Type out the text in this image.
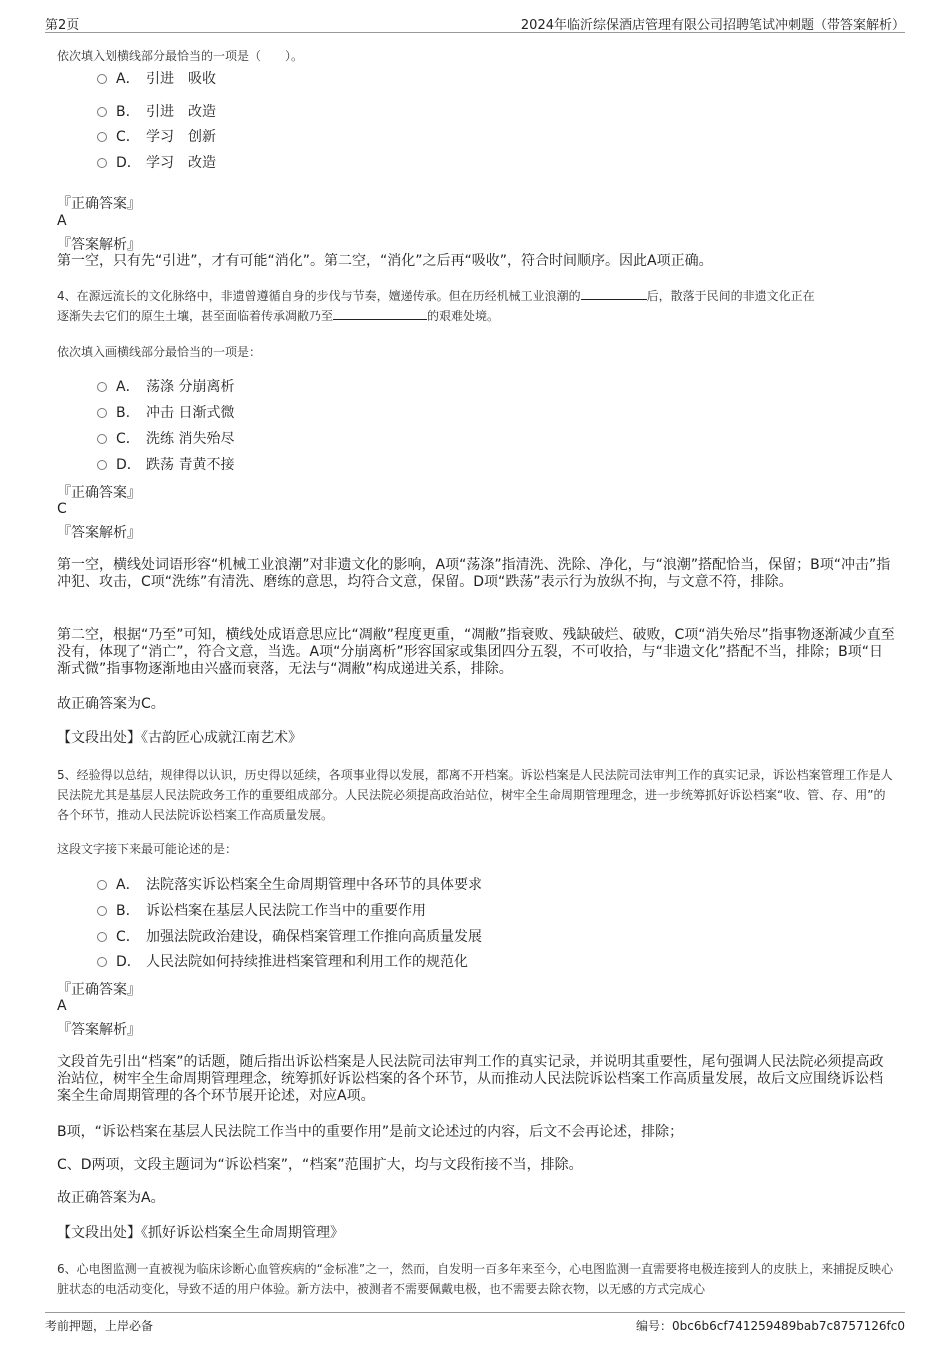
第2页	2024年临沂综保酒店管理有限公司招聘笔试冲刺题（带答案解析）
依次填入划横线部分最恰当的一项是（　　）。
A． 引进　吸收
B. 引进　改造
C． 学习　创新
D． 学习　改造
『正确答案』
A
『答案解析』
第一空，只有先“引进”，才有可能“消化”。第二空，“消化”之后再“吸收”，符合时间顺序。因此A项正确。
4、在源远流长的文化脉络中，非遗曾遵循自身的步伐与节奏，嬗递传承。但在历经机械工业浪潮的	后，散落于民间的非遗文化正在
逐渐失去它们的原生土壤，甚至面临着传承凋敝乃至	的艰难处境。
依次填入画横线部分最恰当的一项是：
A． 荡涤 分崩离析
B. 冲击 日渐式微
C． 洗练 消失殆尽
D． 跌荡 青黄不接
『正确答案』
C
『答案解析』
第一空，横线处词语形容“机械工业浪潮”对非遗文化的影响，A项“荡涤”指清洗、洗除、净化，与“浪潮”搭配恰当，保留；B项“冲击”指冲犯、攻击，C项“洗练”有清洗、磨练的意思，均符合文意，保留。D项“跌荡”表示行为放纵不拘，与文意不符，排除。
第二空，根据“乃至”可知，横线处成语意思应比“凋敝”程度更重，“凋敝”指衰败、残缺破烂、破败，C项“消失殆尽”指事物逐渐减少直至没有，体现了“消亡”，符合文意，当选。A项“分崩离析”形容国家或集团四分五裂，不可收拾，与“非遗文化”搭配不当，排除；B项“日渐式微”指事物逐渐地由兴盛而衰落，无法与“凋敝”构成递进关系，排除。
故正确答案为C。
【文段出处】《古韵匠心成就江南艺术》
5、经验得以总结，规律得以认识，历史得以延续，各项事业得以发展，都离不开档案。诉讼档案是人民法院司法审判工作的真实记录，诉讼档案管理工作是人民法院尤其是基层人民法院政务工作的重要组成部分。人民法院必须提高政治站位，树牢全生命周期管理理念，进一步统筹抓好诉讼档案“收、管、存、用”的各个环节，推动人民法院诉讼档案工作高质量发展。
这段文字接下来最可能论述的是：
A． 法院落实诉讼档案全生命周期管理中各环节的具体要求
B. 诉讼档案在基层人民法院工作当中的重要作用
C． 加强法院政治建设，确保档案管理工作推向高质量发展
D． 人民法院如何持续推进档案管理和利用工作的规范化
『正确答案』
A
『答案解析』
文段首先引出“档案”的话题，随后指出诉讼档案是人民法院司法审判工作的真实记录，并说明其重要性，尾句强调人民法院必须提高政治站位，树牢全生命周期管理理念，统筹抓好诉讼档案的各个环节，从而推动人民法院诉讼档案工作高质量发展，故后文应围绕诉讼档案全生命周期管理的各个环节展开论述，对应A项。
B项，“诉讼档案在基层人民法院工作当中的重要作用”是前文论述过的内容，后文不会再论述，排除；
C、D两项，文段主题词为“诉讼档案”，“档案”范围扩大，均与文段衔接不当，排除。
故正确答案为A。
【文段出处】《抓好诉讼档案全生命周期管理》
6、心电图监测一直被视为临床诊断心血管疾病的“金标准”之一，然而，自发明一百多年来至今，心电图监测一直需要将电极连接到人的皮肤上，来捕捉反映心脏状态的电活动变化，导致不适的用户体验。新方法中，被测者不需要佩戴电极，也不需要去除衣物，以无感的方式完成心
考前押题，上岸必备	编号：0bc6b6cf741259489bab7c8757126fc0
